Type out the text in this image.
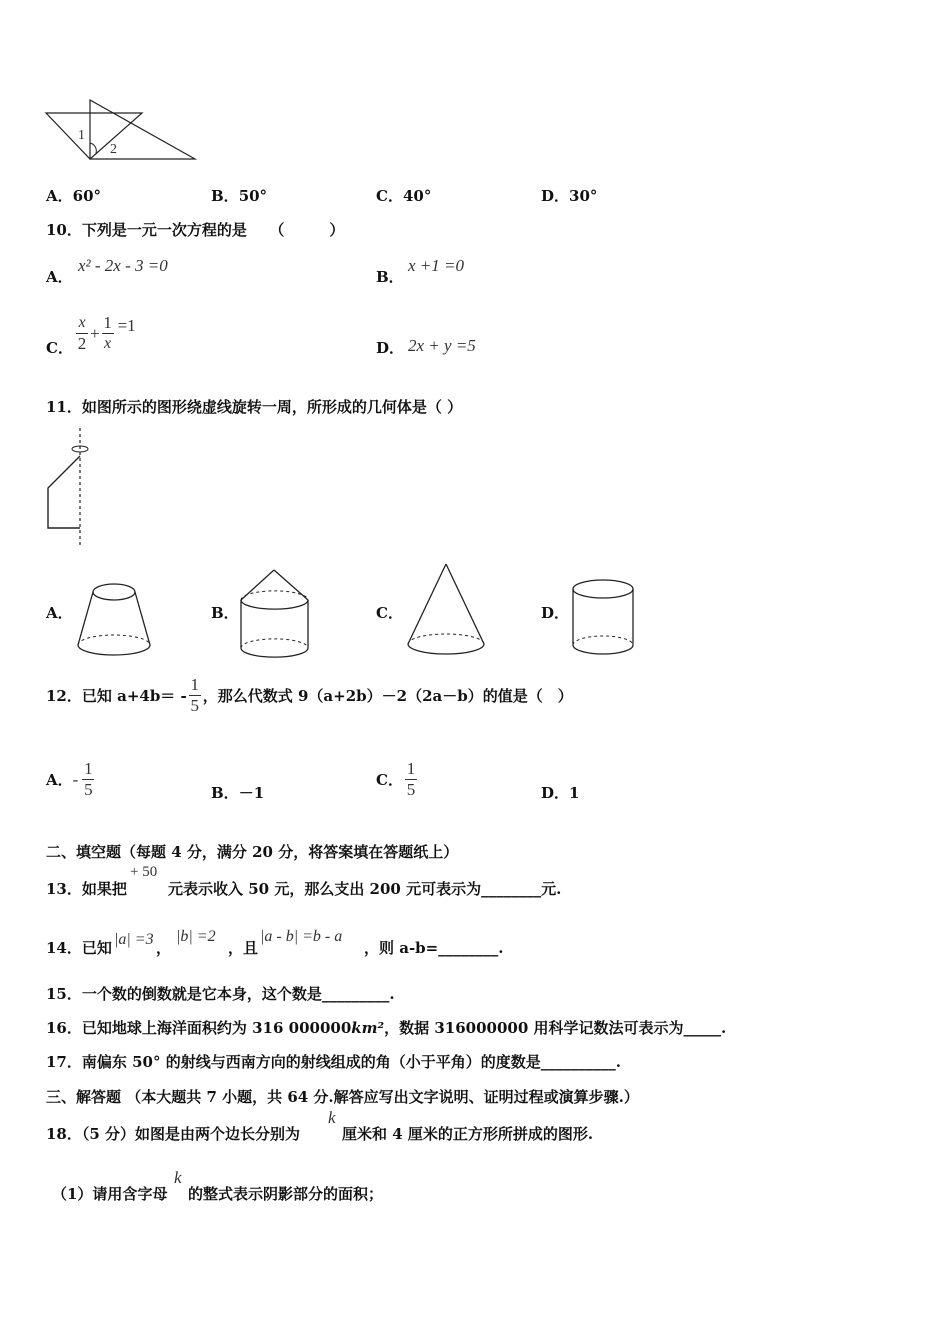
1
2
A．60°	B．50°	C．40°	D．30°
10．下列是一元一次方程的是　　（　　　）
A．
x² - 2x - 3 =0
B．
x +1 =0
C． $\frac{x}{2} + \frac{1}{x} =1$
D． 2x + y =5
11．如图所示的图形绕虚线旋转一周，所形成的几何体是（ ）
A．	B．	C．	D．
12．已知 $a+4b= - \frac{1}{5}$ ，那么代数式 9（a+2b）－2（2a－b）的值是（　）
A． - $\frac{1}{5}$	B．－1
C． $\frac{1}{5}$	D．1
二、填空题（每题 4 分，满分 20 分，将答案填在答题纸上）
13．如果把
+ 50
元表示收入 50 元，那么支出 200 元可表示为________元.
14．已知 |a| =3 ，
|b| =2
，且
|a - b| =b - a
，则 a-b=________.
15．一个数的倒数就是它本身，这个数是_________.
16．已知地球上海洋面积约为 316 000000 km² ，数据 316000000 用科学记数法可表示为_____.
17．南偏东 50° 的射线与西南方向的射线组成的角（小于平角）的度数是__________.
三、解答题 （本大题共 7 小题，共 64 分.解答应写出文字说明、证明过程或演算步骤.）
18．（5 分）如图是由两个边长分别为
k
厘米和 4 厘米的正方形所拼成的图形.
（1）请用含字母
k
的整式表示阴影部分的面积；
